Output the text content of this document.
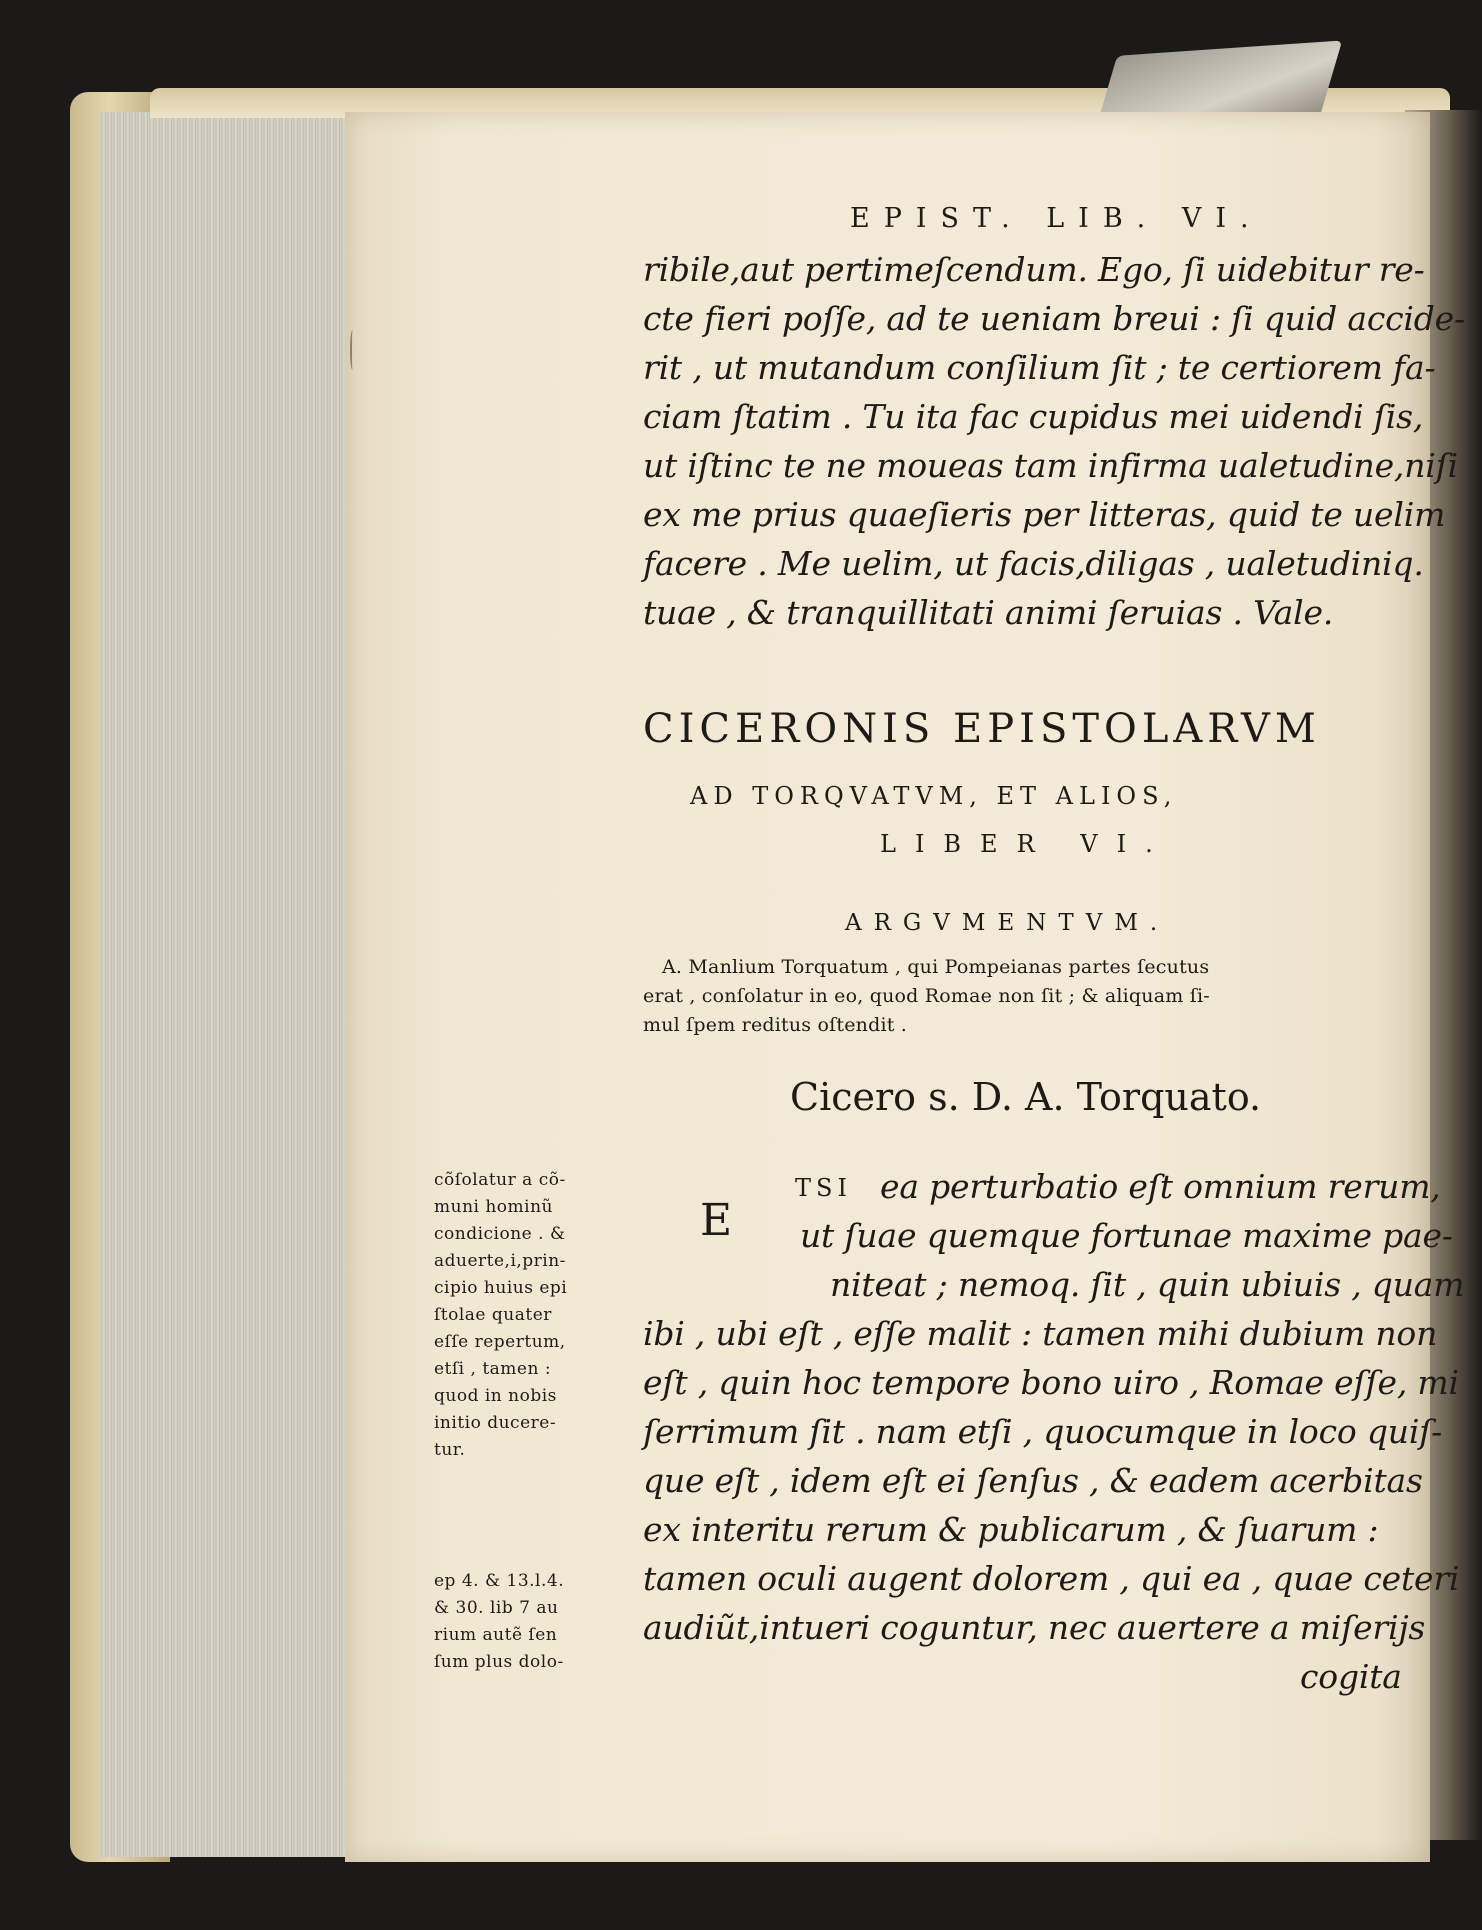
EPIST. LIB. VI.
ribile,aut pertimeſcendum. Ego, ſi uidebitur re-
cte fieri poſſe, ad te ueniam breui : ſi quid accide-
rit , ut mutandum conſilium ſit ; te certiorem fa-
ciam ſtatim . Tu ita fac cupidus mei uidendi ſis,
ut iſtinc te ne moueas tam infirma ualetudine,niſi
ex me prius quaeſieris per litteras, quid te uelim
facere . Me uelim, ut facis,diligas , ualetudiniq.
tuae , & tranquillitati animi ſeruias . Vale.
CICERONIS EPISTOLARVM
AD TORQVATVM, ET ALIOS,
LIBER VI.
ARGVMENTVM.
A. Manlium Torquatum , qui Pompeianas partes ſecutus
erat , conſolatur in eo, quod Romae non ſit ; & aliquam ſi-
mul ſpem reditus oſtendit .
Cicero s. D. A. Torquato.
E
TSI ea perturbatio eſt omnium rerum,
ut ſuae quemque fortunae maxime pae-
niteat ; nemoq. ſit , quin ubiuis , quam
ibi , ubi eſt , eſſe malit : tamen mihi dubium non
eſt , quin hoc tempore bono uiro , Romae eſſe, mi
ſerrimum ſit . nam etſi , quocumque in loco quiſ-
que eſt , idem eſt ei ſenſus , & eadem acerbitas
ex interitu rerum & publicarum , & ſuarum :
tamen oculi augent dolorem , qui ea , quae ceteri
audiũt,intueri coguntur, nec auertere a miſerijs
cogita
cõſolatur a cõ-
muni hominũ
condicione . &
aduerte,i,prin-
cipio huius epi
ſtolae quater
eſſe repertum,
etſi , tamen :
quod in nobis
initio ducere-
tur.
ep 4. & 13.l.4.
& 30. lib 7 au
rium autẽ ſen
ſum plus dolo-
